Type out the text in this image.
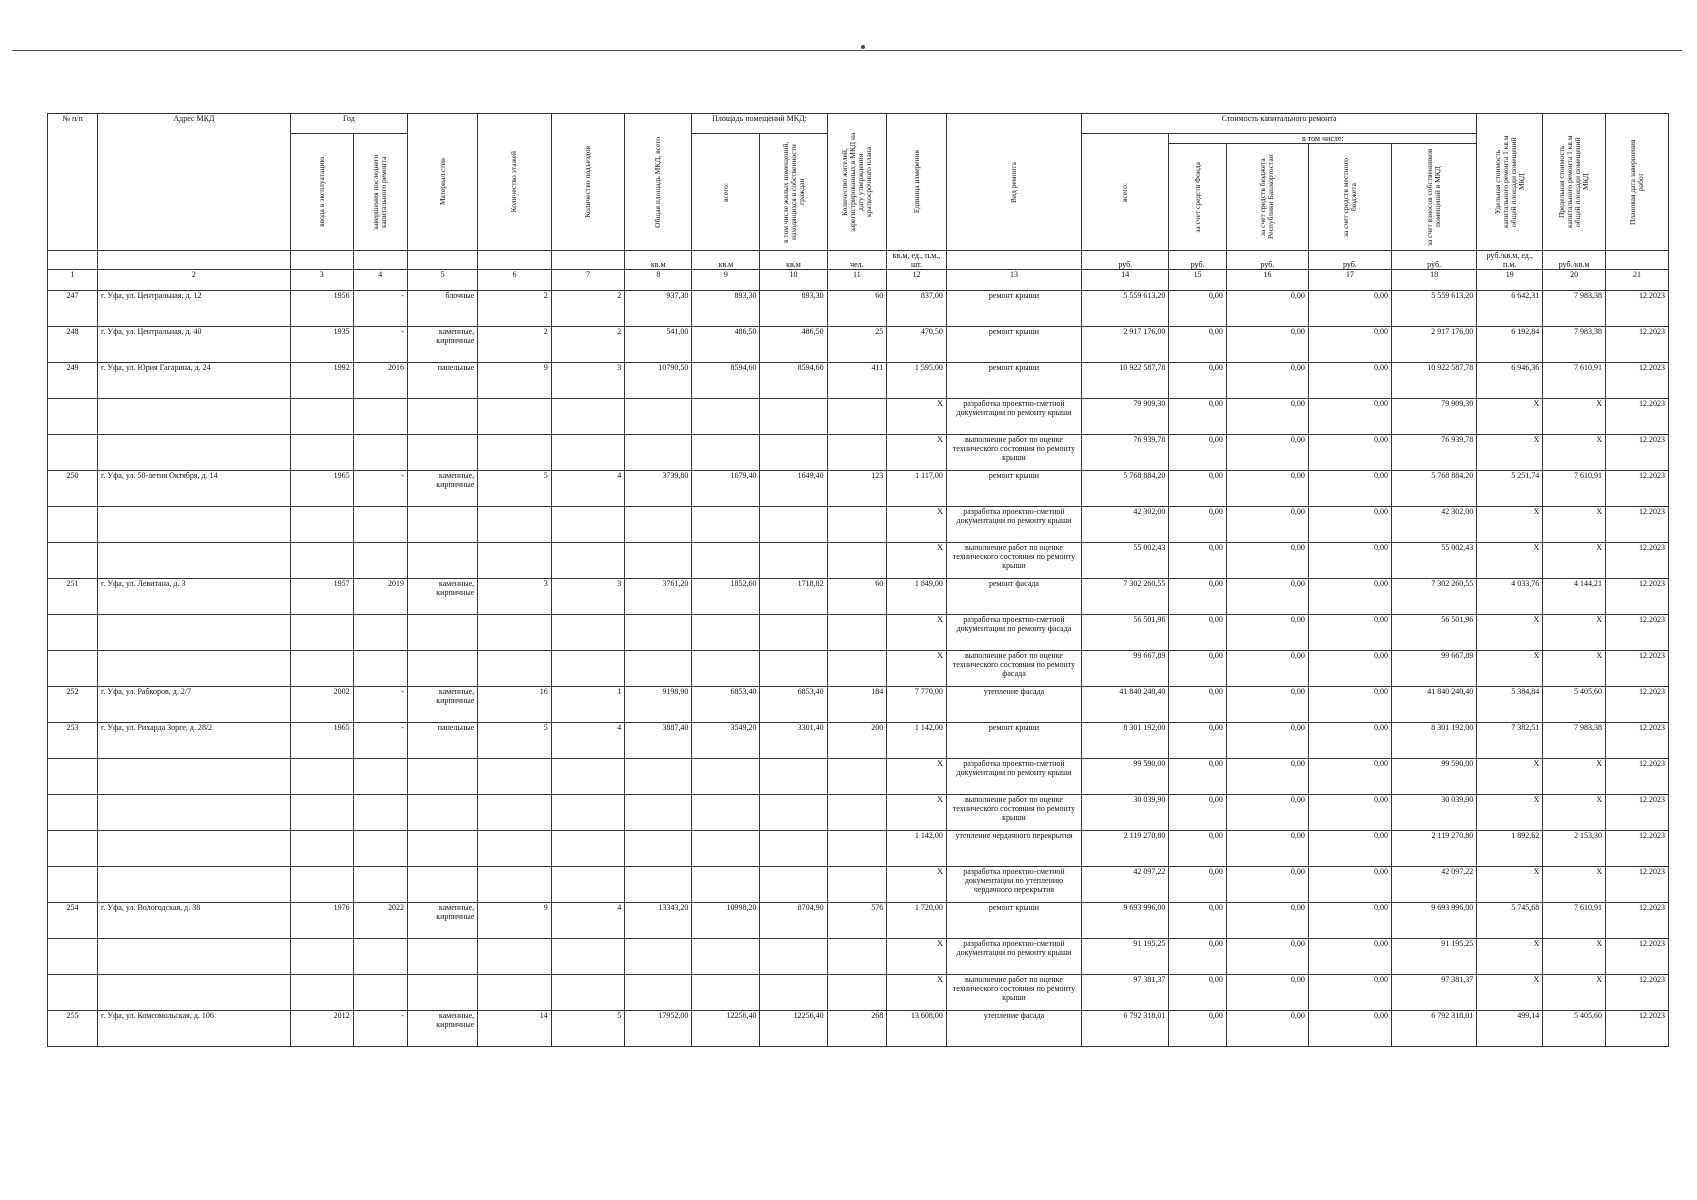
№ п/п	Адрес МКД	Год		Материал стен	Количество этажей	Количество подъездов	Общая площадь МКД, всего	Площадь помещений МКД:		Количество жителей, зарегистрированных в МКД на дату утверждения краткосрочного плана	Единица измерения	Вид ремонта	Стоимость капитального ремонта					Удельная стоимость капитального ремонта 1 кв.м общей площади помещений МКД	Предельная стоимость капитального ремонта 1 кв.м общей площади помещений МКД	Плановая дата завершения работ

		ввода в эксплуатацию	завершения последнего капитального ремонта					всего:	в том числе жилых помещений, находящихся в собственности граждан				всего:	в том числе:						

														за счет средств Фонда	за счет средств бюджета Республики Башкортостан	за счет средств местного бюджета	за счет взносов собственников помещений в МКД			

							кв.м	кв.м	кв.м	чел.	кв.м, ед., п.м., шт.		руб.	руб.	руб.	руб.	руб.	руб./кв.м, ед., п.м.	руб./кв.м	
1	2	3	4	5	6	7	8	9	10	11	12	13	14	15	16	17	18	19	20	21
247	г. Уфа, ул. Центральная, д. 12	1956	-	блочные	2	2	937,30	893,30	893,30	60	837,00	ремонт крыши	5 559 613,20	0,00	0,00	0,00	5 559 613,20	6 642,31	7 983,38	12.2023
248	г. Уфа, ул. Центральная, д. 40	1935	-	каменные, кирпичные	2	2	541,00	486,50	486,50	25	470,50	ремонт крыши	2 917 176,00	0,00	0,00	0,00	2 917 176,00	6 192,84	7 983,38	12.2023
249	г. Уфа, ул. Юрия Гагарина, д. 24	1992	2016	панельные	9	3	10790,50	8594,60	8594,60	411	1 595,00	ремонт крыши	10 922 587,78	0,00	0,00	0,00	10 922 587,78	6 946,36	7 610,91	12.2023
											X	разработка проектно-сметной документации по ремонту крыши	79 909,30	0,00	0,00	0,00	79 909,30	X	X	12.2023
											X	выполнение работ по оценке технического состояния по ремонту крыши	76 939,78	0,00	0,00	0,00	76 939,78	X	X	12.2023
250	г. Уфа, ул. 50-летия Октября, д. 14	1965	-	каменные, кирпичные	5	4	3739,80	1679,40	1649,40	123	1 117,00	ремонт крыши	5 768 884,20	0,00	0,00	0,00	5 768 884,20	5 251,74	7 610,91	12.2023
											X	разработка проектно-сметной документации по ремонту крыши	42 302,00	0,00	0,00	0,00	42 302,00	X	X	12.2023
											X	выполнение работ по оценке технического состояния по ремонту крыши	55 002,43	0,00	0,00	0,00	55 002,43	X	X	12.2023
251	г. Уфа, ул. Левитана, д. 3	1957	2019	каменные, кирпичные	3	3	3761,20	1852,60	1718,82	60	1 849,00	ремонт фасада	7 302 260,55	0,00	0,00	0,00	7 302 260,55	4 033,76	4 144,21	12.2023
											X	разработка проектно-сметной документации по ремонту фасада	56 501,96	0,00	0,00	0,00	56 501,96	X	X	12.2023
											X	выполнение работ по оценке технического состояния по ремонту фасада	99 667,89	0,00	0,00	0,00	99 667,89	X	X	12.2023
252	г. Уфа, ул. Рабкоров, д. 2/7	2002	-	каменные, кирпичные	16	1	9198,90	6853,40	6853,40	184	7 770,00	утепление фасада	41 840 240,40	0,00	0,00	0,00	41 840 240,40	5 384,84	5 405,60	12.2023
253	г. Уфа, ул. Рихарда Зорге, д. 28/2	1965	-	панельные	5	4	3887,40	3549,20	3301,40	200	1 142,00	ремонт крыши	8 301 192,00	0,00	0,00	0,00	8 301 192,00	7 382,51	7 983,38	12.2023
											X	разработка проектно-сметной документации по ремонту крыши	99 590,00	0,00	0,00	0,00	99 590,00	X	X	12.2023
											X	выполнение работ по оценке технического состояния по ремонту крыши	30 039,90	0,00	0,00	0,00	30 039,90	X	X	12.2023
											1 142,00	утепление чердачного перекрытия	2 119 270,80	0,00	0,00	0,00	2 119 270,80	1 892,62	2 153,30	12.2023
											X	разработка проектно-сметной документации по утеплению чердачного перекрытия	42 097,22	0,00	0,00	0,00	42 097,22	X	X	12.2023
254	г. Уфа, ул. Вологодская, д. 38	1976	2022	каменные, кирпичные	9	4	13343,20	10998,20	8704,90	576	1 720,00	ремонт крыши	9 693 996,00	0,00	0,00	0,00	9 693 996,00	5 745,68	7 610,91	12.2023
											X	разработка проектно-сметной документации по ремонту крыши	91 195,25	0,00	0,00	0,00	91 195,25	X	X	12.2023
											X	выполнение работ по оценке технического состояния по ремонту крыши	97 381,37	0,00	0,00	0,00	97 381,37	X	X	12.2023
255	г. Уфа, ул. Комсомольская, д. 106	2012	-	каменные, кирпичные	14	5	17952,00	12256,40	12256,40	268	13 608,00	утепление фасада	6 792 318,01	0,00	0,00	0,00	6 792 318,01	499,14	5 405,60	12.2023
